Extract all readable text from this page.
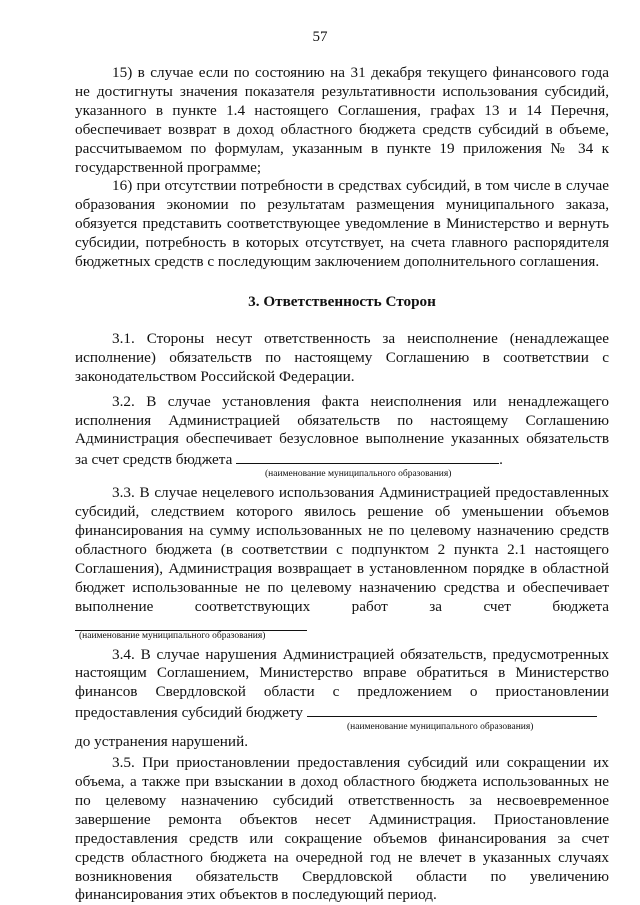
57

15) в случае если по состоянию на 31 декабря текущего финансового года не достигнуты значения показателя результативности использования субсидий, указанного в пункте 1.4 настоящего Соглашения, графах 13 и 14 Перечня, обеспечивает возврат в доход областного бюджета средств субсидий в объеме, рассчитываемом по формулам, указанным в пункте 19 приложения № 34 к государственной программе;

16) при отсутствии потребности в средствах субсидий, в том числе в случае образования экономии по результатам размещения муниципального заказа, обязуется представить соответствующее уведомление в Министерство и вернуть субсидии, потребность в которых отсутствует, на счета главного распорядителя бюджетных средств с последующим заключением дополнительного соглашения.

3. Ответственность Сторон

3.1. Стороны несут ответственность за неисполнение (ненадлежащее исполнение) обязательств по настоящему Соглашению в соответствии с законодательством Российской Федерации.

3.2. В случае установления факта неисполнения или ненадлежащего исполнения Администрацией обязательств по настоящему Соглашению Администрация обеспечивает безусловное выполнение указанных обязательств за счет средств бюджета	.

(наименование муниципального образования)

3.3. В случае нецелевого использования Администрацией предоставленных субсидий, следствием которого явилось решение об уменьшении объемов финансирования на сумму использованных не по целевому назначению средств областного бюджета (в соответствии с подпунктом 2 пункта 2.1 настоящего Соглашения), Администрация возвращает в установленном порядке в областной бюджет использованные не по целевому назначению средства и обеспечивает выполнение соответствующих работ за счет бюджета

(наименование муниципального образования)

3.4. В случае нарушения Администрацией обязательств, предусмотренных настоящим Соглашением, Министерство вправе обратиться в Министерство финансов Свердловской области с предложением о приостановлении предоставления субсидий бюджету

(наименование муниципального образования)

до устранения нарушений.

3.5. При приостановлении предоставления субсидий или сокращении их объема, а также при взыскании в доход областного бюджета использованных не по целевому назначению субсидий ответственность за несвоевременное завершение ремонта объектов несет Администрация. Приостановление предоставления средств или сокращение объемов финансирования за счет средств областного бюджета на очередной год не влечет в указанных случаях возникновения обязательств Свердловской области по увеличению финансирования этих объектов в последующий период.
